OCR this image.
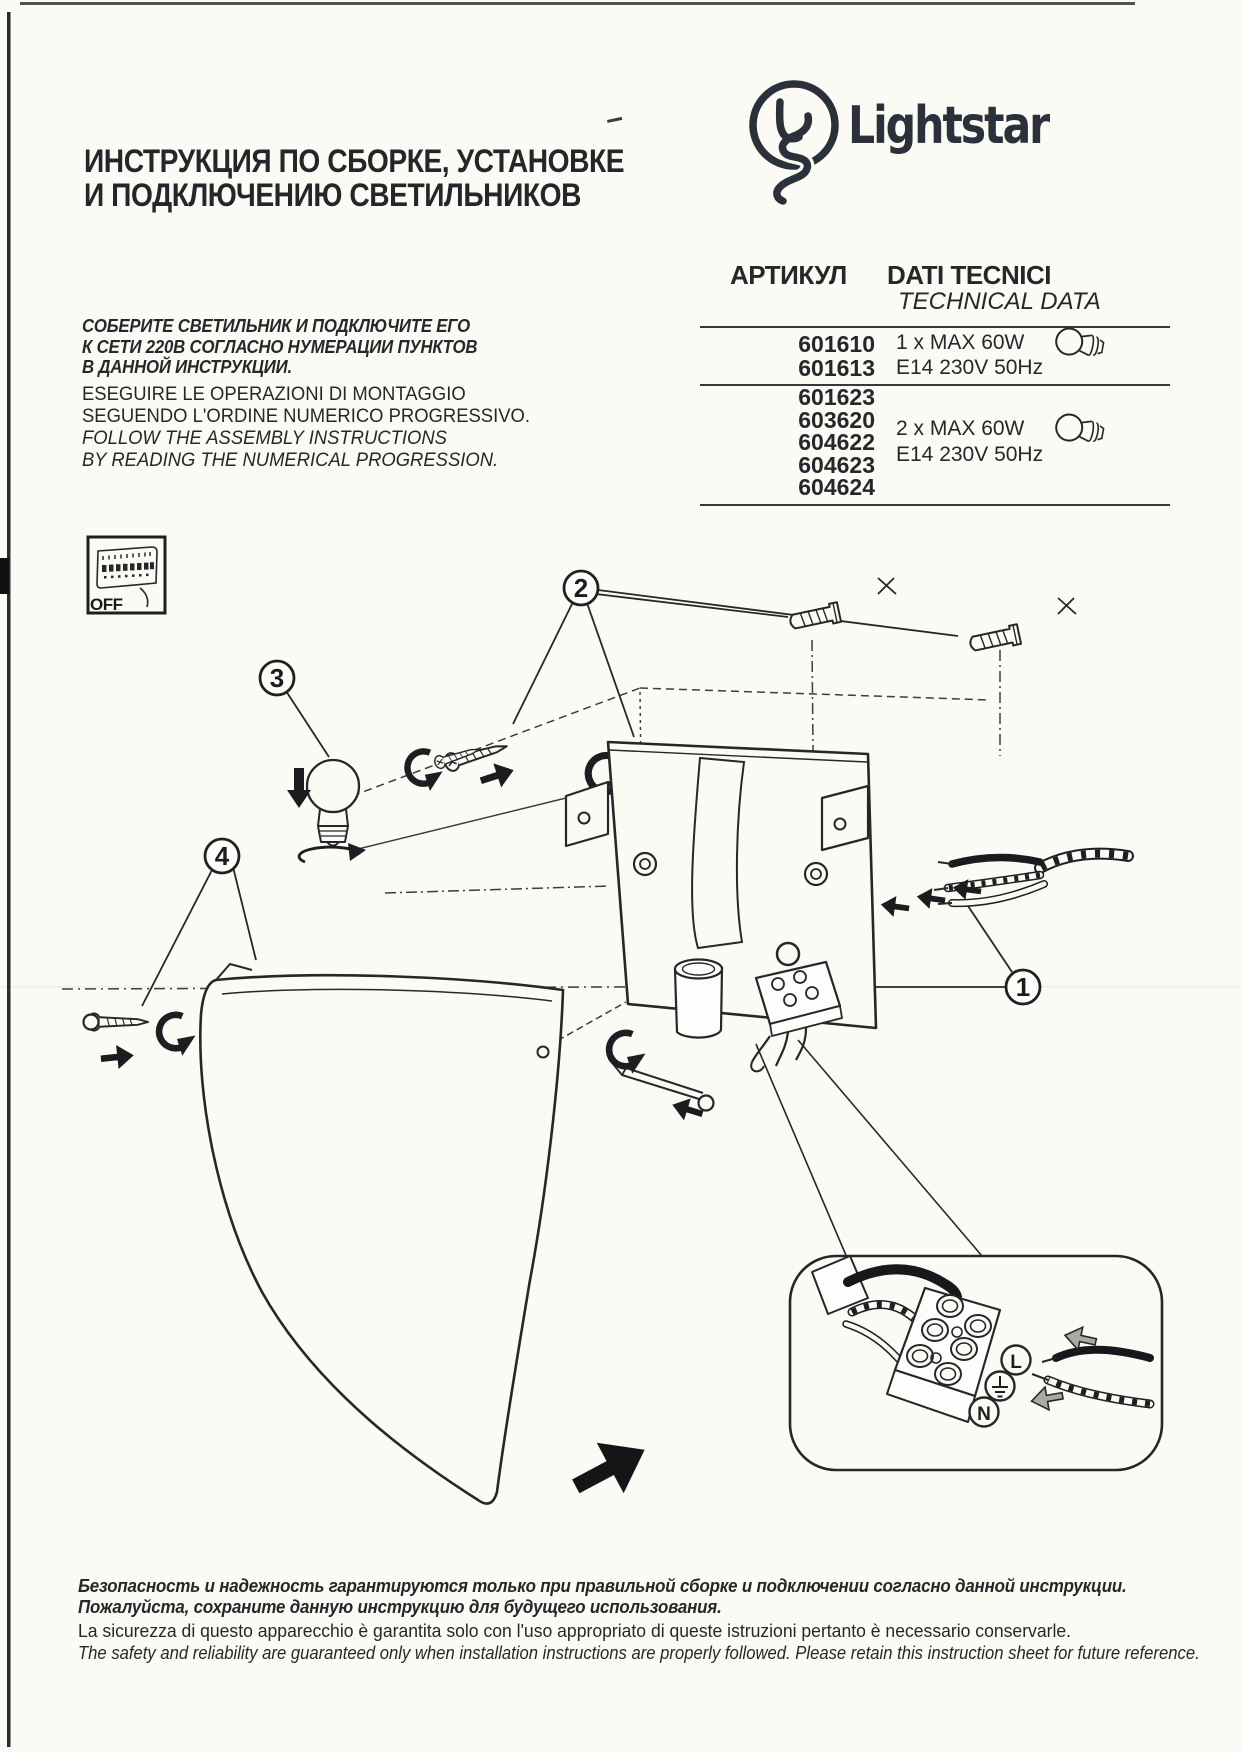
L
N
OFF
2
3
4
1
ИНСТРУКЦИЯ ПО СБОРКЕ, УСТАНОВКЕ
И ПОДКЛЮЧЕНИЮ СВЕТИЛЬНИКОВ
Lightstar
АРТИКУЛ DATI TECNICI
TECHNICAL DATA
601610
601613
1 x MAX 60W
E14 230V 50Hz
601623
603620
604622
604623
604624
2 x MAX 60W
E14 230V 50Hz
СОБЕРИТЕ СВЕТИЛЬНИК И ПОДКЛЮЧИТЕ ЕГО
К СЕТИ 220В СОГЛАСНО НУМЕРАЦИИ ПУНКТОВ
В ДАННОЙ ИНСТРУКЦИИ.
ESEGUIRE LE OPERAZIONI DI MONTAGGIO
SEGUENDO L'ORDINE NUMERICO PROGRESSIVO.
FOLLOW THE ASSEMBLY INSTRUCTIONS
BY READING THE NUMERICAL PROGRESSION.
Безопасность и надежность гарантируются только при правильной сборке и подключении согласно данной инструкции.
Пожалуйста, сохраните данную инструкцию для будущего использования.
La sicurezza di questo apparecchio è garantita solo con l'uso appropriato di queste istruzioni pertanto è necessario conservarle.
The safety and reliability are guaranteed only when installation instructions are properly followed. Please retain this instruction sheet for future reference.
